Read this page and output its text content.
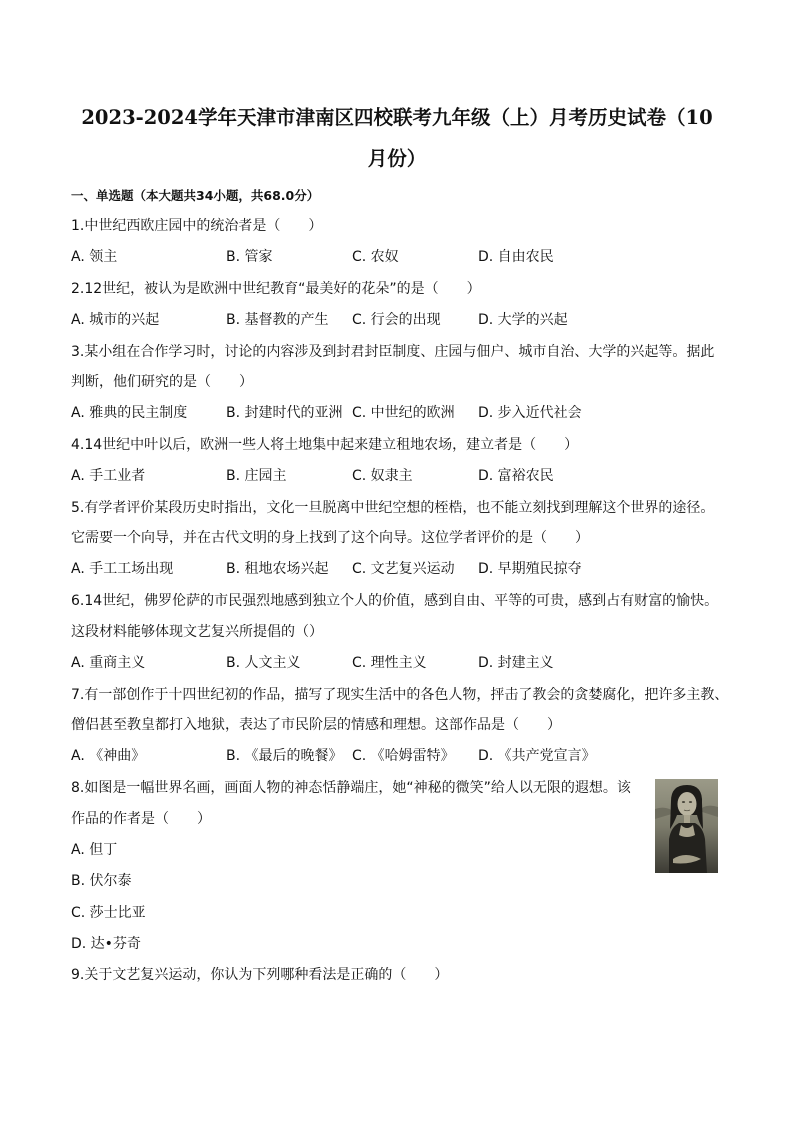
2023-2024学年天津市津南区四校联考九年级（上）月考历史试卷（10
月份）
一、单选题（本大题共34小题，共68.0分）
1.中世纪西欧庄园中的统治者是（　　）
A. 领主	B. 管家	C. 农奴	D. 自由农民
2.12世纪，被认为是欧洲中世纪教育“最美好的花朵”的是（　　）
A. 城市的兴起	B. 基督教的产生 C. 行会的出现	D. 大学的兴起
3.某小组在合作学习时，讨论的内容涉及到封君封臣制度、庄园与佃户、城市自治、大学的兴起等。据此
判断，他们研究的是（　　）
A. 雅典的民主制度	B. 封建时代的亚洲 C. 中世纪的欧洲 D. 步入近代社会
4.14世纪中叶以后，欧洲一些人将土地集中起来建立租地农场，建立者是（　　）
A. 手工业者	B. 庄园主	C. 奴隶主	D. 富裕农民
5.有学者评价某段历史时指出，文化一旦脱离中世纪空想的桎梏，也不能立刻找到理解这个世界的途径。
它需要一个向导，并在古代文明的身上找到了这个向导。这位学者评价的是（　　）
A. 手工工场出现	B. 租地农场兴起 C. 文艺复兴运动 D. 早期殖民掠夺
6.14世纪，佛罗伦萨的市民强烈地感到独立个人的价值，感到自由、平等的可贵，感到占有财富的愉快。
这段材料能够体现文艺复兴所提倡的（）
A. 重商主义	B. 人文主义	C. 理性主义	D. 封建主义
7.有一部创作于十四世纪初的作品，描写了现实生活中的各色人物，抨击了教会的贪婪腐化，把许多主教、
僧侣甚至教皇都打入地狱，表达了市民阶层的情感和理想。这部作品是（　　）
A. 《神曲》	B. 《最后的晚餐》 C. 《哈姆雷特》 D. 《共产党宣言》
8.如图是一幅世界名画，画面人物的神态恬静端庄，她“神秘的微笑”给人以无限的遐想。该
作品的作者是（　　）
A. 但丁
B. 伏尔泰
C. 莎士比亚
D. 达•芬奇
9.关于文艺复兴运动，你认为下列哪种看法是正确的（　　）
